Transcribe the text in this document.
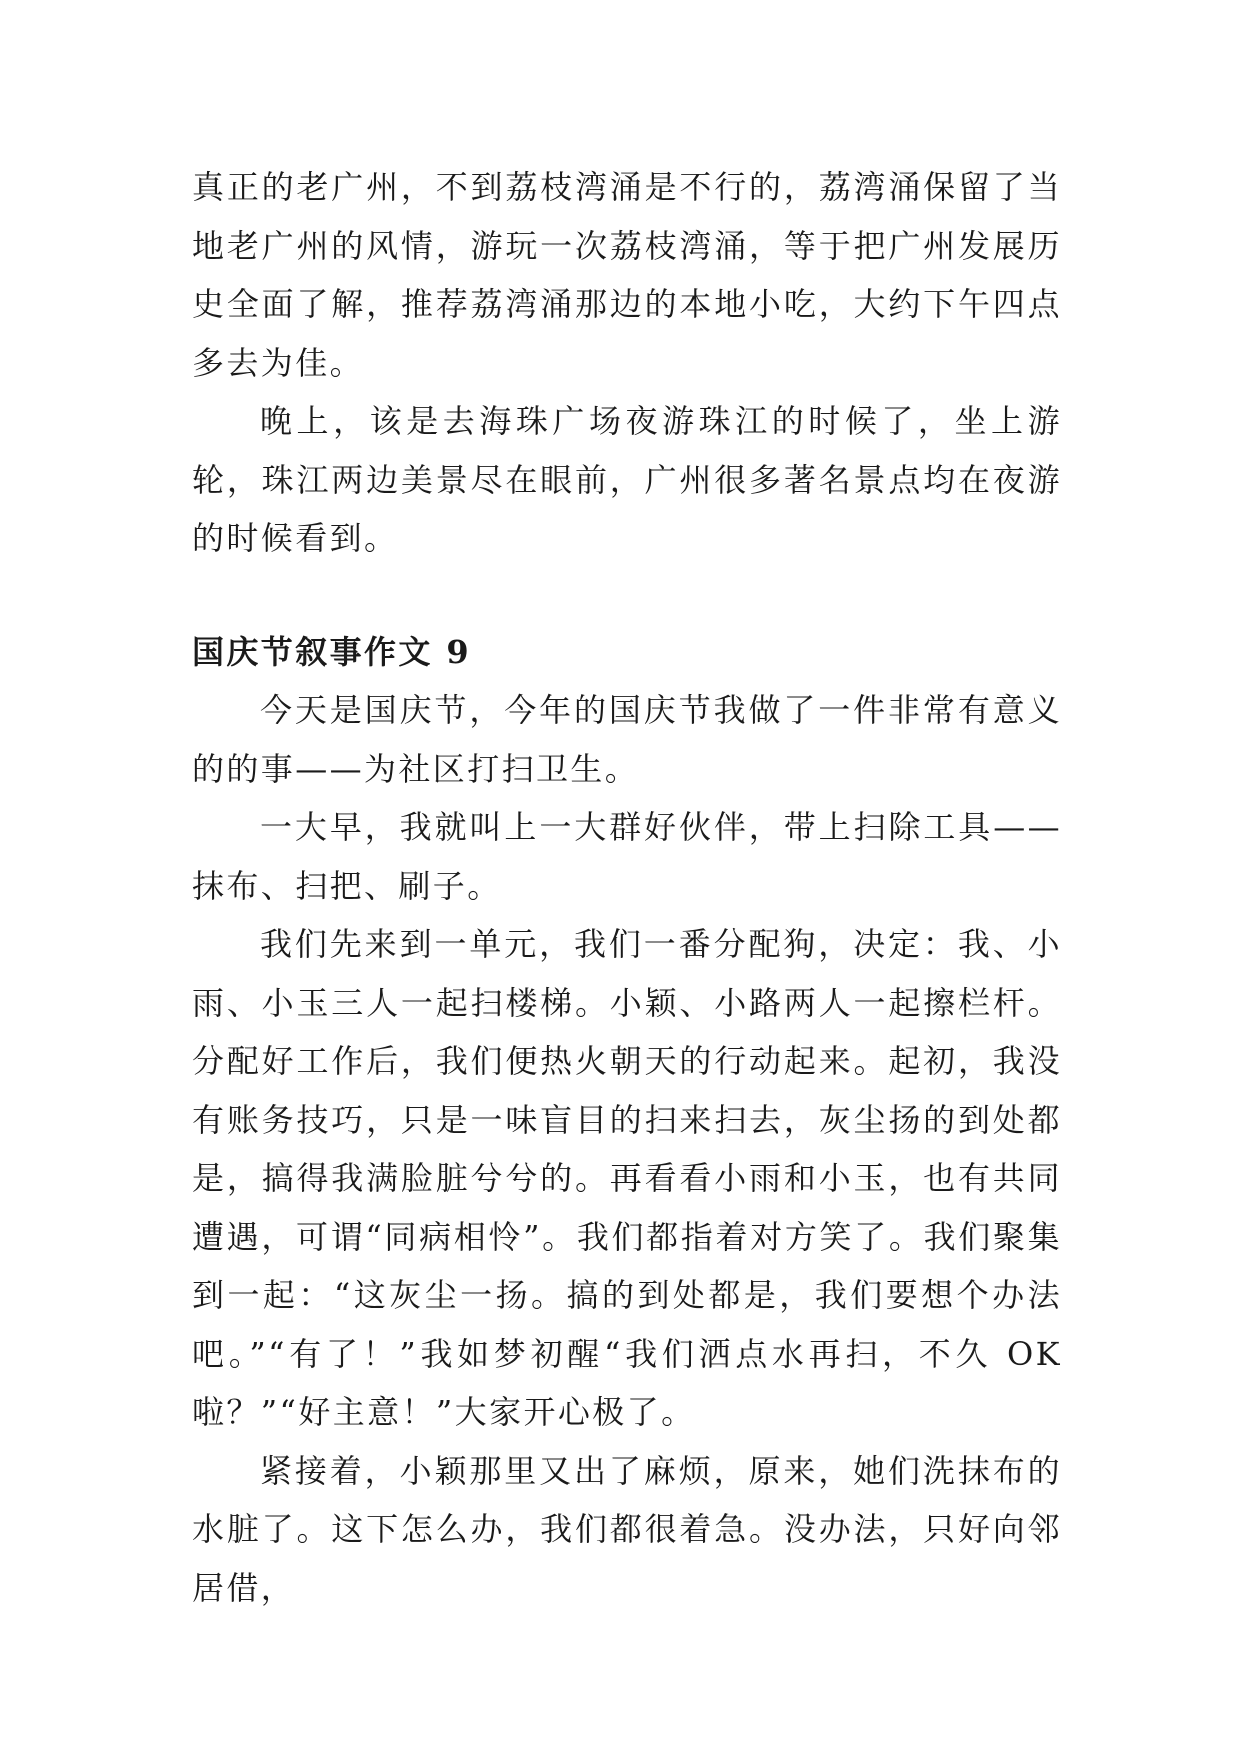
真正的老广州，不到荔枝湾涌是不行的，荔湾涌保留了当地老广州的风情，游玩一次荔枝湾涌，等于把广州发展历史全面了解，推荐荔湾涌那边的本地小吃，大约下午四点多去为佳。

晚上，该是去海珠广场夜游珠江的时候了，坐上游轮，珠江两边美景尽在眼前，广州很多著名景点均在夜游的时候看到。

国庆节叙事作文 9

今天是国庆节，今年的国庆节我做了一件非常有意义的的事——为社区打扫卫生。

一大早，我就叫上一大群好伙伴，带上扫除工具——抹布、扫把、刷子。

我们先来到一单元，我们一番分配狗，决定：我、小雨、小玉三人一起扫楼梯。小颖、小路两人一起擦栏杆。分配好工作后，我们便热火朝天的行动起来。起初，我没有账务技巧，只是一味盲目的扫来扫去，灰尘扬的到处都是，搞得我满脸脏兮兮的。再看看小雨和小玉，也有共同遭遇，可谓“同病相怜”。我们都指着对方笑了。我们聚集到一起：“这灰尘一扬。搞的到处都是，我们要想个办法吧。”“有了！”我如梦初醒“我们洒点水再扫，不久 OK 啦？”“好主意！”大家开心极了。

紧接着，小颖那里又出了麻烦，原来，她们洗抹布的水脏了。这下怎么办，我们都很着急。没办法，只好向邻居借，
